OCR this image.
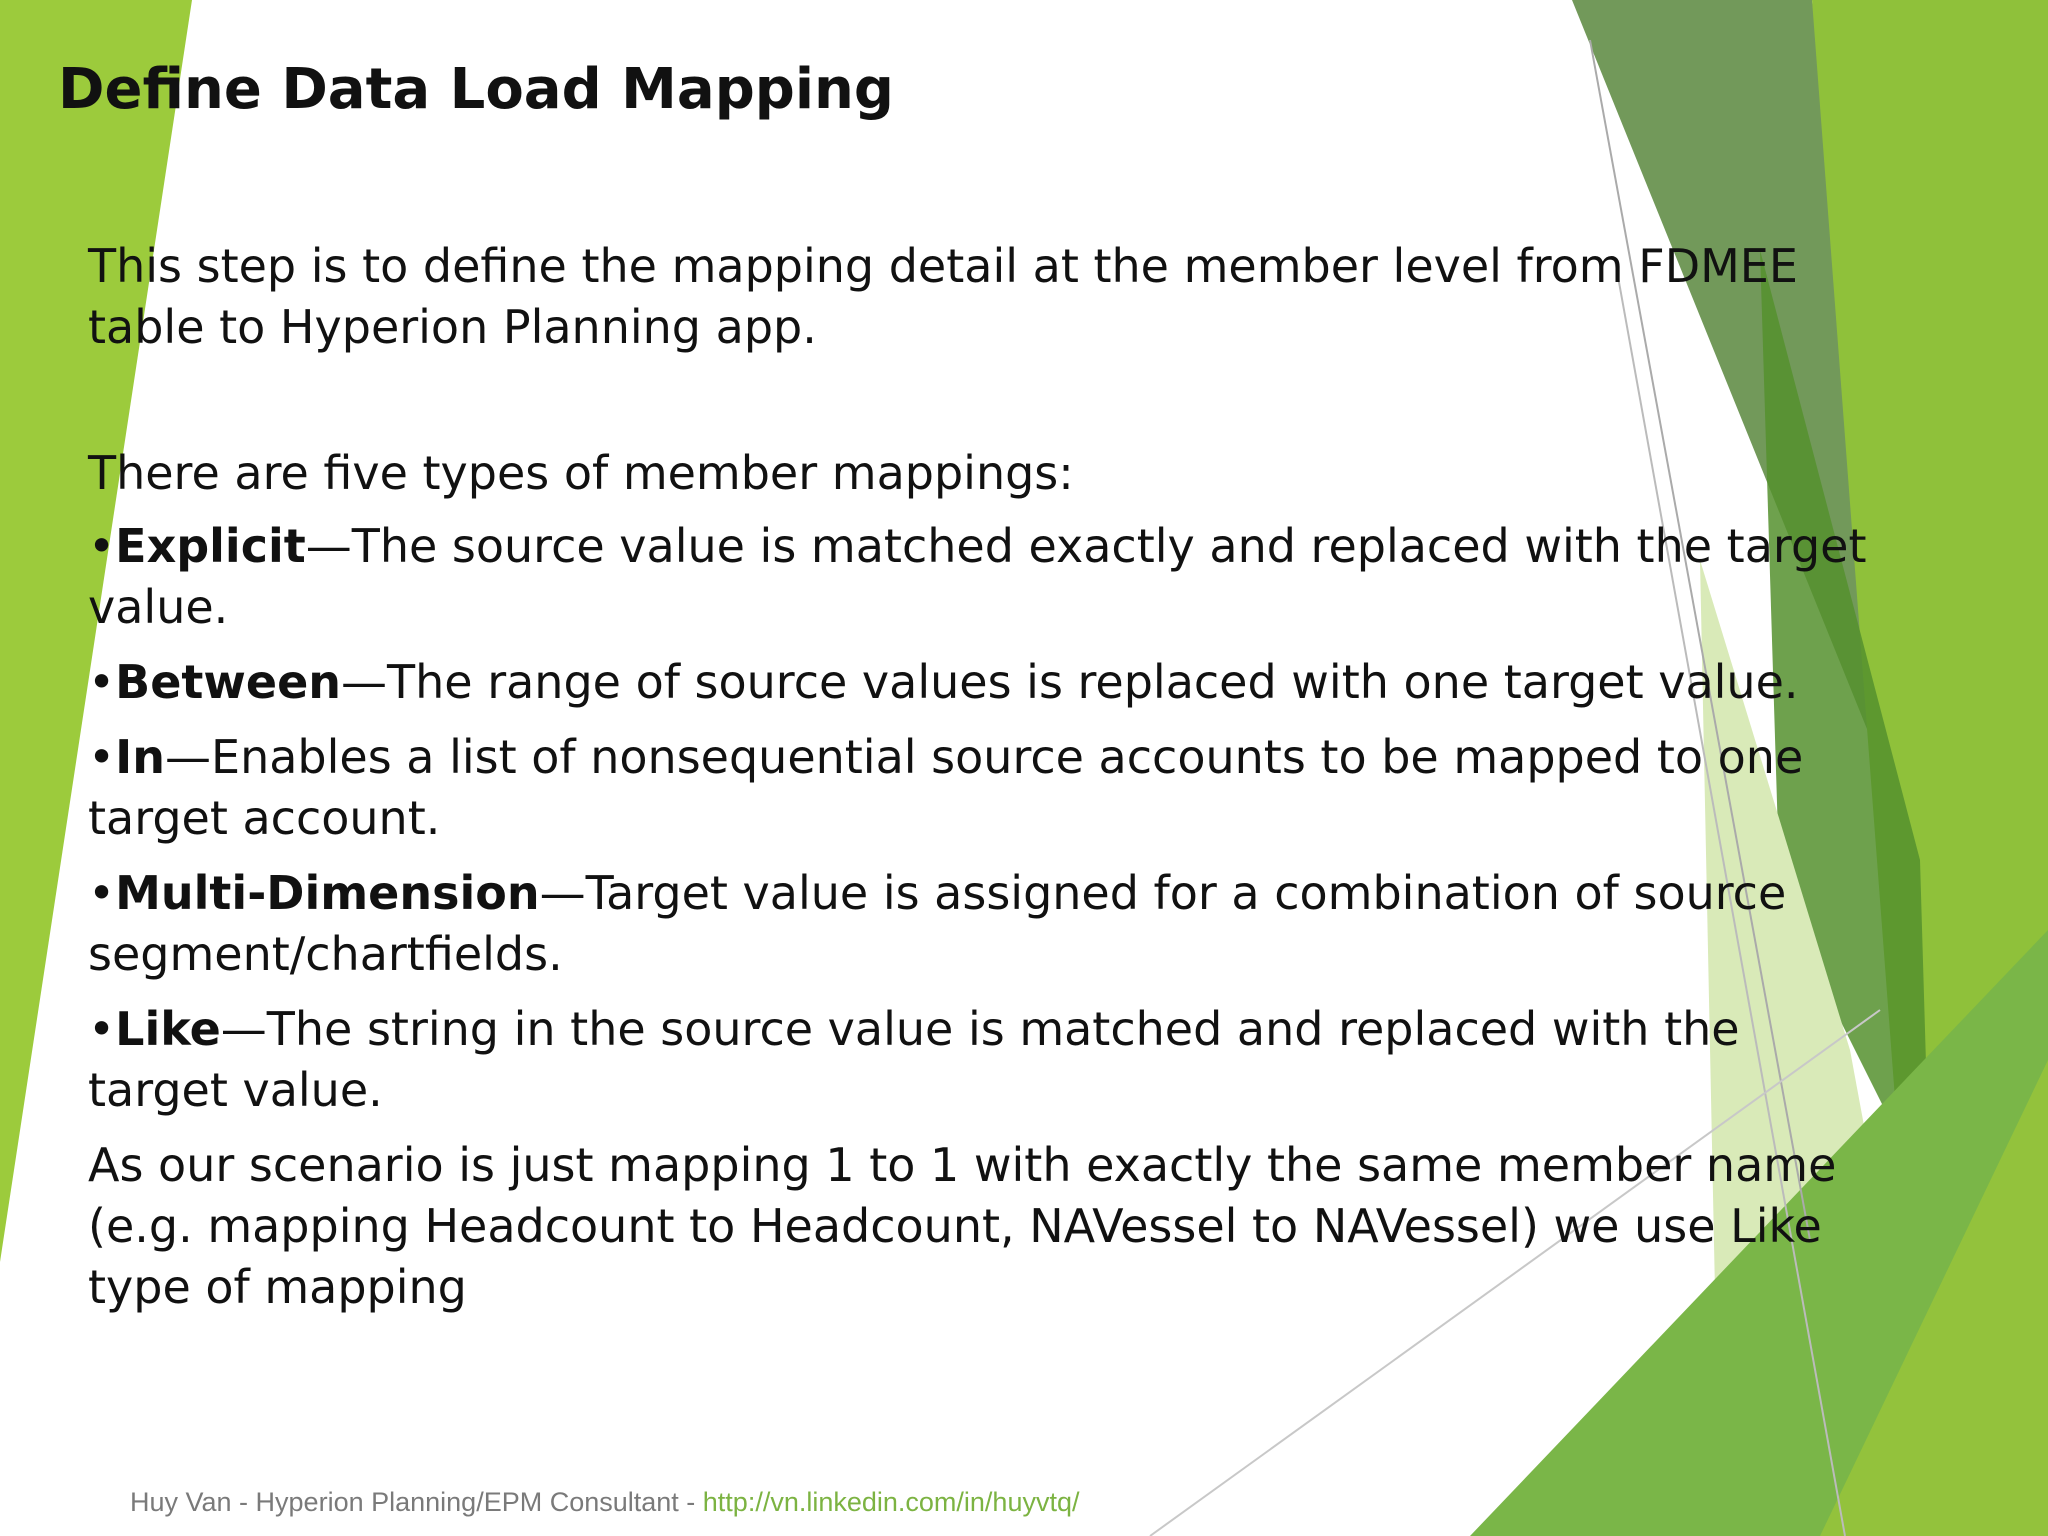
Define Data Load Mapping

This step is to define the mapping detail at the member level from FDMEE table to Hyperion Planning app.

There are five types of member mappings:

•Explicit—The source value is matched exactly and replaced with the target value.

•Between—The range of source values is replaced with one target value.

•In—Enables a list of nonsequential source accounts to be mapped to one target account.

•Multi-Dimension—Target value is assigned for a combination of source segment/chartfields.

•Like—The string in the source value is matched and replaced with the target value.

As our scenario is just mapping 1 to 1 with exactly the same member name (e.g. mapping Headcount to Headcount, NAVessel to NAVessel) we use Like type of mapping

Huy Van - Hyperion Planning/EPM Consultant - http://vn.linkedin.com/in/huyvtq/
